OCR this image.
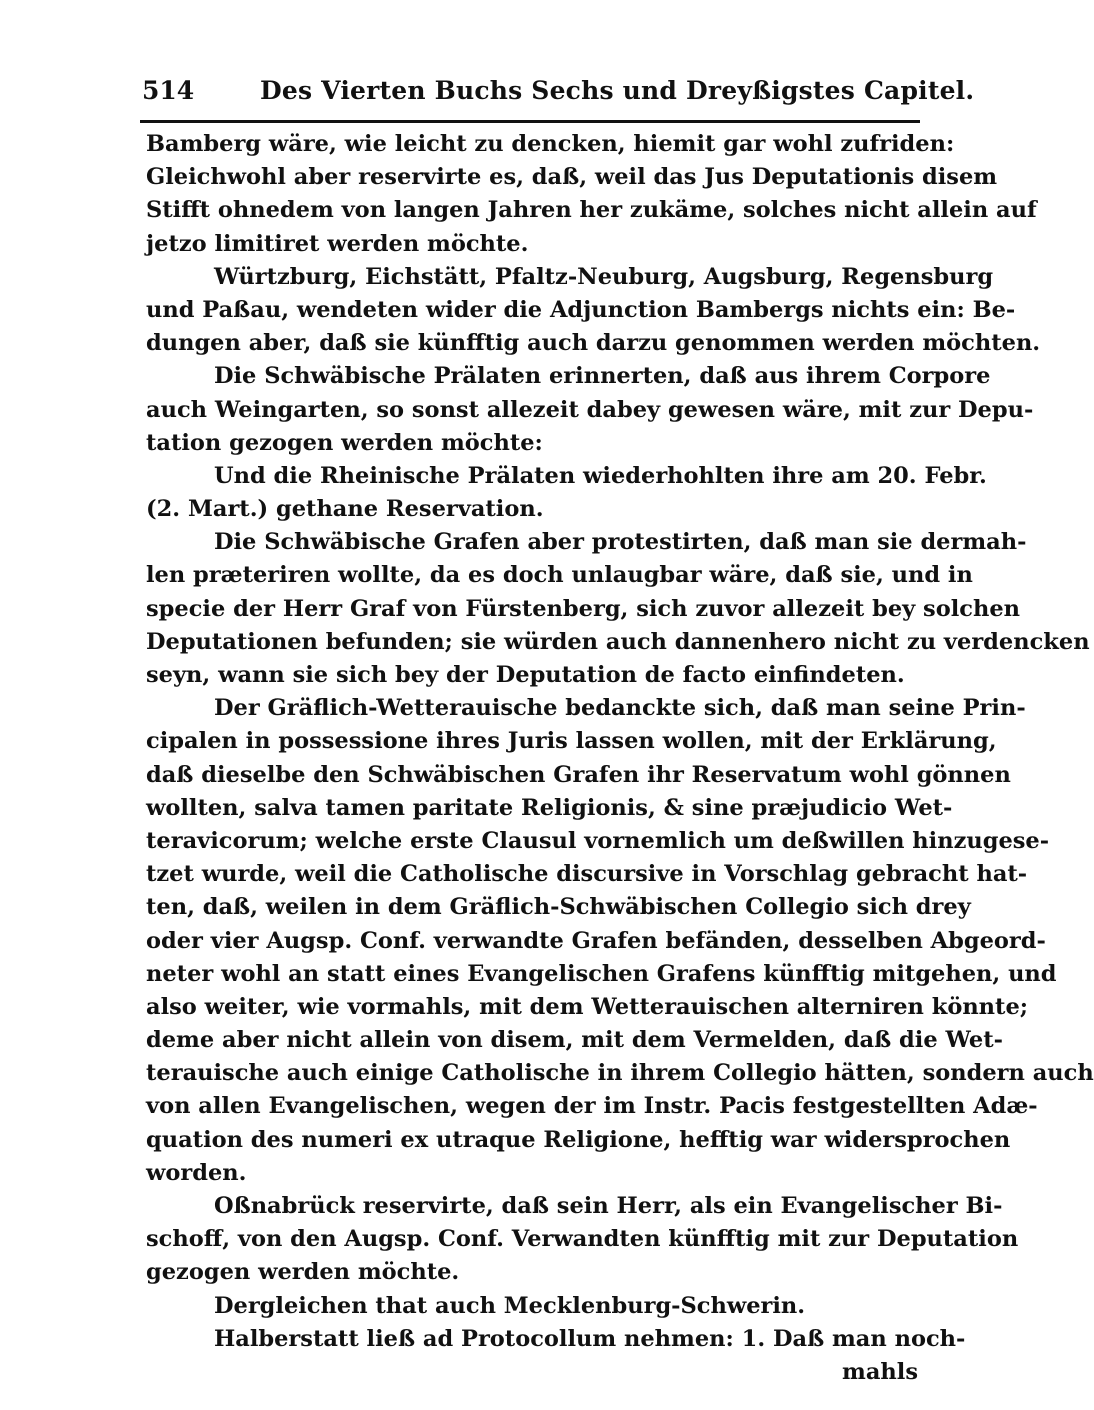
514	Des Vierten Buchs Sechs und Dreyßigstes Capitel.
Bamberg wäre, wie leicht zu dencken, hiemit gar wohl zufriden:
Gleichwohl aber reservirte es, daß, weil das Jus Deputationis disem
Stifft ohnedem von langen Jahren her zukäme, solches nicht allein auf
jetzo limitiret werden möchte.
Würtzburg, Eichstätt, Pfaltz-Neuburg, Augsburg, Regensburg
und Paßau, wendeten wider die Adjunction Bambergs nichts ein: Be-
dungen aber, daß sie künfftig auch darzu genommen werden möchten.
Die Schwäbische Prälaten erinnerten, daß aus ihrem Corpore
auch Weingarten, so sonst allezeit dabey gewesen wäre, mit zur Depu-
tation gezogen werden möchte:
Und die Rheinische Prälaten wiederhohlten ihre am 20. Febr.
(2. Mart.) gethane Reservation.
Die Schwäbische Grafen aber protestirten, daß man sie dermah-
len præteriren wollte, da es doch unlaugbar wäre, daß sie, und in
specie der Herr Graf von Fürstenberg, sich zuvor allezeit bey solchen
Deputationen befunden; sie würden auch dannenhero nicht zu verdencken
seyn, wann sie sich bey der Deputation de facto einfindeten.
Der Gräflich-Wetterauische bedanckte sich, daß man seine Prin-
cipalen in possessione ihres Juris lassen wollen, mit der Erklärung,
daß dieselbe den Schwäbischen Grafen ihr Reservatum wohl gönnen
wollten, salva tamen paritate Religionis, & sine præjudicio Wet-
teravicorum; welche erste Clausul vornemlich um deßwillen hinzugese-
tzet wurde, weil die Catholische discursive in Vorschlag gebracht hat-
ten, daß, weilen in dem Gräflich-Schwäbischen Collegio sich drey
oder vier Augsp. Conf. verwandte Grafen befänden, desselben Abgeord-
neter wohl an statt eines Evangelischen Grafens künfftig mitgehen, und
also weiter, wie vormahls, mit dem Wetterauischen alterniren könnte;
deme aber nicht allein von disem, mit dem Vermelden, daß die Wet-
terauische auch einige Catholische in ihrem Collegio hätten, sondern auch
von allen Evangelischen, wegen der im Instr. Pacis festgestellten Adæ-
quation des numeri ex utraque Religione, hefftig war widersprochen
worden.
Oßnabrück reservirte, daß sein Herr, als ein Evangelischer Bi-
schoff, von den Augsp. Conf. Verwandten künfftig mit zur Deputation
gezogen werden möchte.
Dergleichen that auch Mecklenburg-Schwerin.
Halberstatt ließ ad Protocollum nehmen: 1. Daß man noch-
mahls
